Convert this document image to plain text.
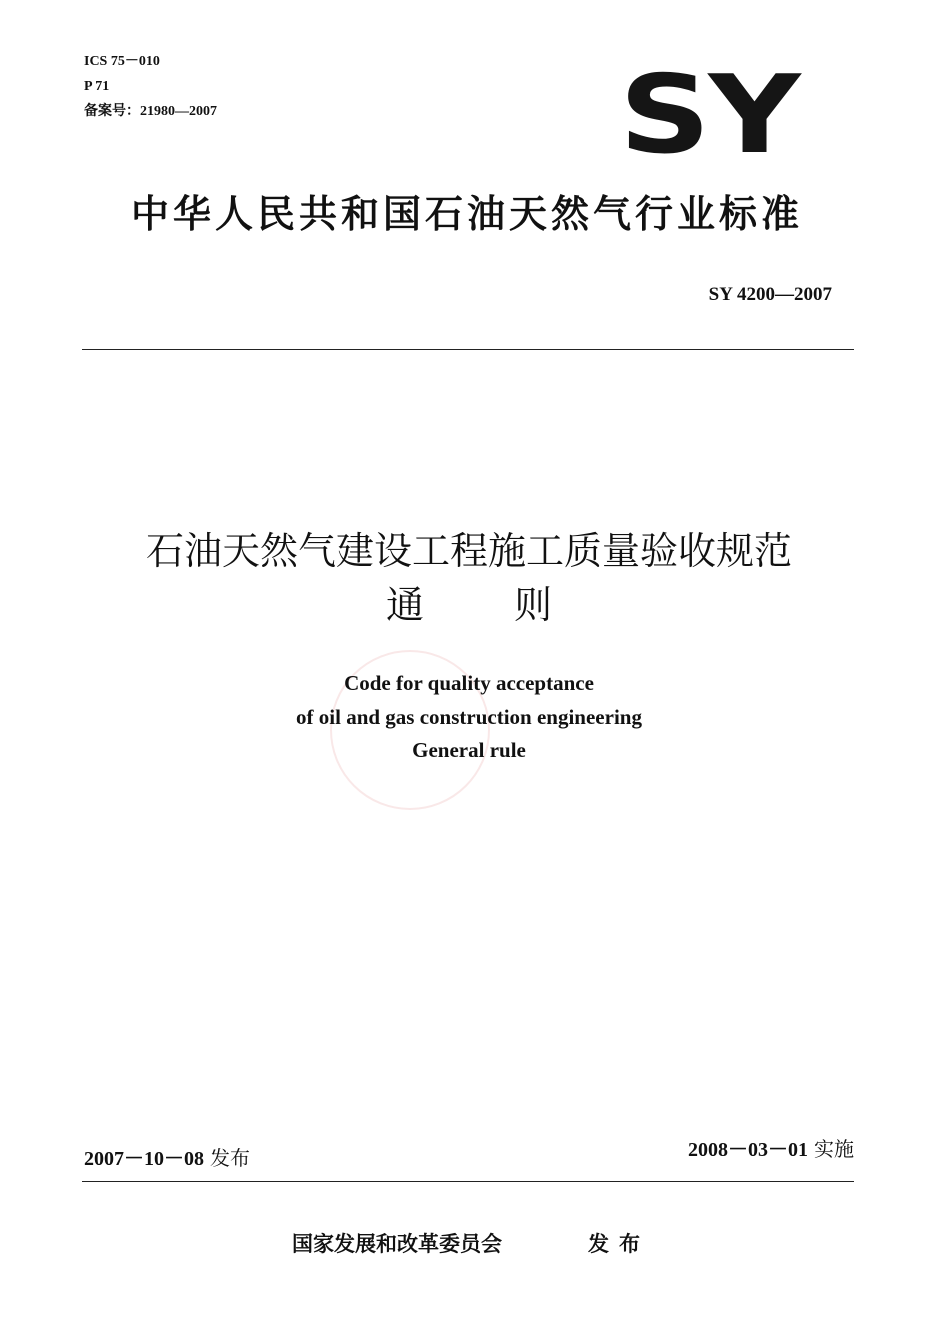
ICS 75－010
P 71
备案号：21980—2007	SY
中华人民共和国石油天然气行业标准
SY 4200—2007
石油天然气建设工程施工质量验收规范
通 则
Code for quality acceptance
of oil and gas construction engineering
General rule
2007－10－08 发布	2008－03－01 实施
国家发展和改革委员会	发布
